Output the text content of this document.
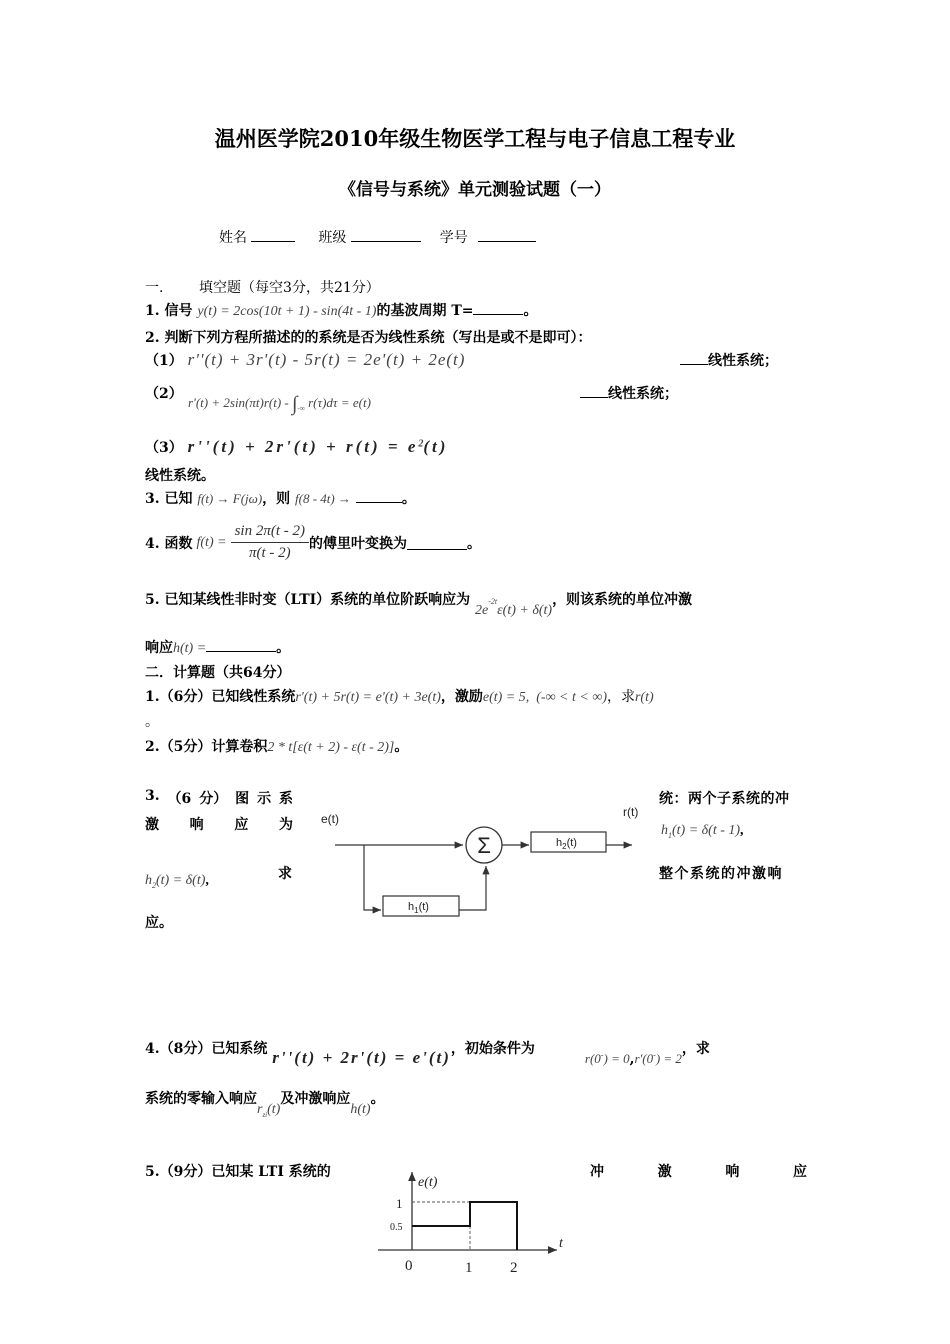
温州医学院2010年级生物医学工程与电子信息工程专业
《信号与系统》单元测验试题（一）
姓名	班级	学号
一.        填空题（每空3分，共21分）
1. 信号 y(t) = 2cos(10t + 1) - sin(4t - 1)的基波周期 T=	。
2. 判断下列方程所描述的的系统是否为线性系统（写出是或不是即可）：
（1） r''(t) + 3r'(t) - 5r(t) = 2e'(t) + 2e(t)	线性系统；
（2）
$r'(t) + 2\sin(\pi t)r(t) - \int_{-\infty}$ r(τ)dτ = e(t)
线性系统；
（3） $r''(t) + 2r'(t) + r(t) = e^2(t)$
线性系统。
3. 已知 f(t) → F(jω)，则 f(8 - 4t) →	。
4. 函数 $f(t) = \frac{\sin 2\pi(t - 2)}{\pi(t - 2)}$ 的傅里叶变换为	。
5. 已知某线性非时变（LTI）系统的单位阶跃响应为 $2e^{-2t}\varepsilon(t) + \delta(t)$，则该系统的单位冲激
响应h(t) =	。
二．计算题（共64分）
1.（6分）已知线性系统r'(t) + 5r(t) = e'(t) + 3e(t)，激励e(t) = 5,  (-∞ < t < ∞)，求r(t)
。
2.（5分）计算卷积2 * t[ε(t + 2) - ε(t - 2)]。
3. （6 分） 图 示 系
激 响 应 为
$h_2(t) = \delta(t)$,	求
应。
统：两个子系统的冲
$h_1(t) = \delta(t - 1)$,
整个系统的冲激响
e(t)	r(t)
Σ	$h_2(t)$
$h_1(t)$
4.（8分）已知系统 r''(t) + 2r'(t) = e'(t)，初始条件为r(0-) = 0,r'(0-) = 2，求
系统的零输入响应$r_{zi}(t)$及冲激响应h(t)。
5.（9分）已知某 LTI 系统的	冲	激	响	应
e(t)
t
1
0.5
0	1	2
